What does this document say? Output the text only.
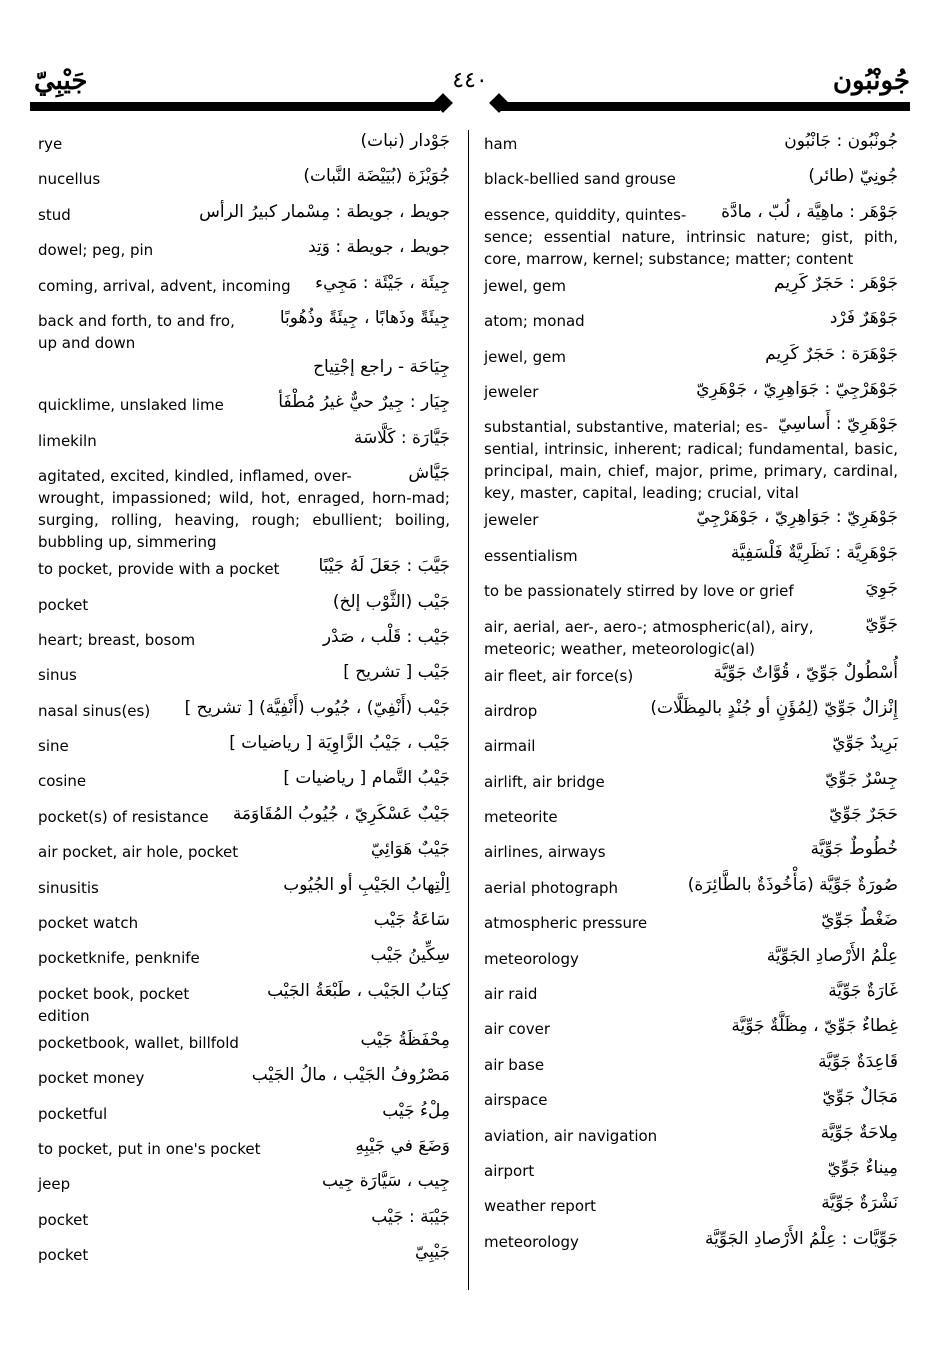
جَيْبِيّ	٤٤٠	جُونْبُون
rye	جَوْدار (نبات)
nucellus	جُوَيْزَة (بُيَيْضَة النَّبات)
stud	جويط ، جويطة : مِسْمار كبيرُ الرأس
dowel; peg, pin	جويط ، جويطة : وَتِد
coming, arrival, advent, incoming جِيئَة ، جَيْئَة : مَجِيء
back and forth, to and fro,	جِيئَةً وذَهابًا ، جِيئَةً وذُهُوبًا
up and down
جِيَاحَة - راجع إجْتِياح
quicklime, unslaked lime	جِيَار : جِيرٌ حيٌّ غيرُ مُطْفَأ
limekiln	جَيَّارَة : كَلَّاسَة
agitated, excited, kindled, inflamed, over-	جَيَّاش
wrought, impassioned; wild, hot, enraged, horn-mad; surging, rolling, heaving, rough; ebullient; boiling, bubbling up, simmering
to pocket, provide with a pocket جَيَّبَ : جَعَلَ لَهُ جَيْبًا
pocket	جَيْب (الثَّوْب إلخ)
heart; breast, bosom	جَيْب : قَلْب ، صَدْر
sinus	جَيْب [ تشريح ]
nasal sinus(es) جَيْب (أَنْفِيّ) ، جُيُوب (أَنْفِيَّة) [ تشريح ]
sine	جَيْب ، جَيْبُ الزَّاوِيَة [ رياضيات ]
cosine	جَيْبُ التَّمام [ رياضيات ]
pocket(s) of resistance جَيْبٌ عَسْكَرِيّ ، جُيُوبُ المُقَاوَمَة
air pocket, air hole, pocket	جَيْبٌ هَوَائِيّ
sinusitis	اِلْتِهابُ الجَيْبِ أو الجُيُوب
pocket watch	سَاعَةُ جَيْب
pocketknife, penknife	سِكِّينُ جَيْب
pocket book, pocket	كِتابُ الجَيْب ، طَبْعَةُ الجَيْب
edition
pocketbook, wallet, billfold	مِحْفَظَةُ جَيْب
pocket money	مَصْرُوفُ الجَيْب ، مالُ الجَيْب
pocketful	مِلْءُ جَيْب
to pocket, put in one's pocket	وَضَعَ في جَيْبِهِ
jeep	جِيب ، سَيَّارَة جِيب
pocket	جَيْبَة : جَيْب
pocket	جَيْبِيّ
ham	جُونْبُون : جَانْبُون
black-bellied sand grouse	جُونِيّ (طائر)
essence, quiddity, quintes- جَوْهَر : ماهِيَّة ، لُبّ ، مادَّة
sence; essential nature, intrinsic nature; gist, pith, core, marrow, kernel; substance; matter; content
jewel, gem	جَوْهَر : حَجَرٌ كَرِيم
atom; monad	جَوْهَرٌ فَرْد
jewel, gem	جَوْهَرَة : حَجَرٌ كَرِيم
jeweler	جَوْهَرْجِيّ : جَوَاهِرِيّ ، جَوْهَرِيّ
substantial, substantive, material; es- جَوْهَرِيّ : أَساسِيّ
sential, intrinsic, inherent; radical; fundamental, basic, principal, main, chief, major, prime, primary, cardinal, key, master, capital, leading; crucial, vital
jeweler	جَوْهَرِيّ : جَوَاهِرِيّ ، جَوْهَرْجِيّ
essentialism	جَوْهَرِيَّة : نَظَرِيَّةٌ فَلْسَفِيَّة
to be passionately stirred by love or grief	جَوِيَ
air, aerial, aer-, aero-; atmospheric(al), airy,	جَوِّيّ
meteoric; weather, meteorologic(al)
air fleet, air force(s)	أُسْطُولٌ جَوِّيّ ، قُوَّاتٌ جَوِّيَّة
airdrop	إِنْزالٌ جَوِّيّ (لِمُؤَنٍ أو جُنْدٍ بالمِظَلَّات)
airmail	بَرِيدٌ جَوِّيّ
airlift, air bridge	جِسْرٌ جَوِّيّ
meteorite	حَجَرٌ جَوِّيّ
airlines, airways	خُطُوطٌ جَوِّيَّة
aerial photograph	صُورَةٌ جَوِّيَّة (مَأْخُوذَةٌ بالطَّائِرَة)
atmospheric pressure	ضَغْطٌ جَوِّيّ
meteorology	عِلْمُ الأَرْصادِ الجَوِّيَّة
air raid	غَارَةٌ جَوِّيَّة
air cover	غِطاءٌ جَوِّيّ ، مِظَلَّةٌ جَوِّيَّة
air base	قَاعِدَةٌ جَوِّيَّة
airspace	مَجَالٌ جَوِّيّ
aviation, air navigation	مِلاحَةٌ جَوِّيَّة
airport	مِيناءٌ جَوِّيّ
weather report	نَشْرَةٌ جَوِّيَّة
meteorology	جَوِّيَّات : عِلْمُ الأَرْصادِ الجَوِّيَّة
